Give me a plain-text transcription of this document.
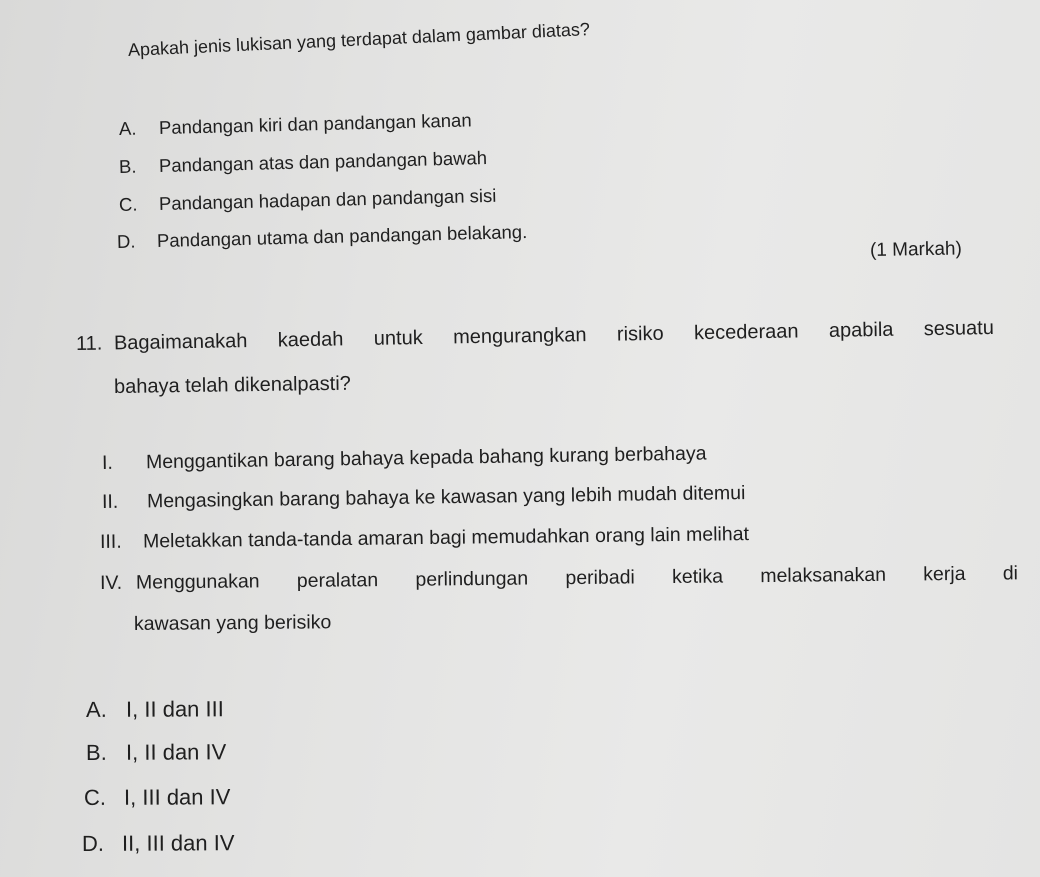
Apakah jenis lukisan yang terdapat dalam gambar diatas?
A. Pandangan kiri dan pandangan kanan
B. Pandangan atas dan pandangan bawah
C. Pandangan hadapan dan pandangan sisi
D. Pandangan utama dan pandangan belakang.	(1 Markah)
11. Bagaimanakah kaedah untuk mengurangkan risiko kecederaan apabila sesuatu
bahaya telah dikenalpasti?
I. Menggantikan barang bahaya kepada bahang kurang berbahaya
II. Mengasingkan barang bahaya ke kawasan yang lebih mudah ditemui
III. Meletakkan tanda-tanda amaran bagi memudahkan orang lain melihat
IV. Menggunakan peralatan perlindungan peribadi ketika melaksanakan kerja di
kawasan yang berisiko
A. I, II dan III
B. I, II dan IV
C. I, III dan IV
D. II, III dan IV
